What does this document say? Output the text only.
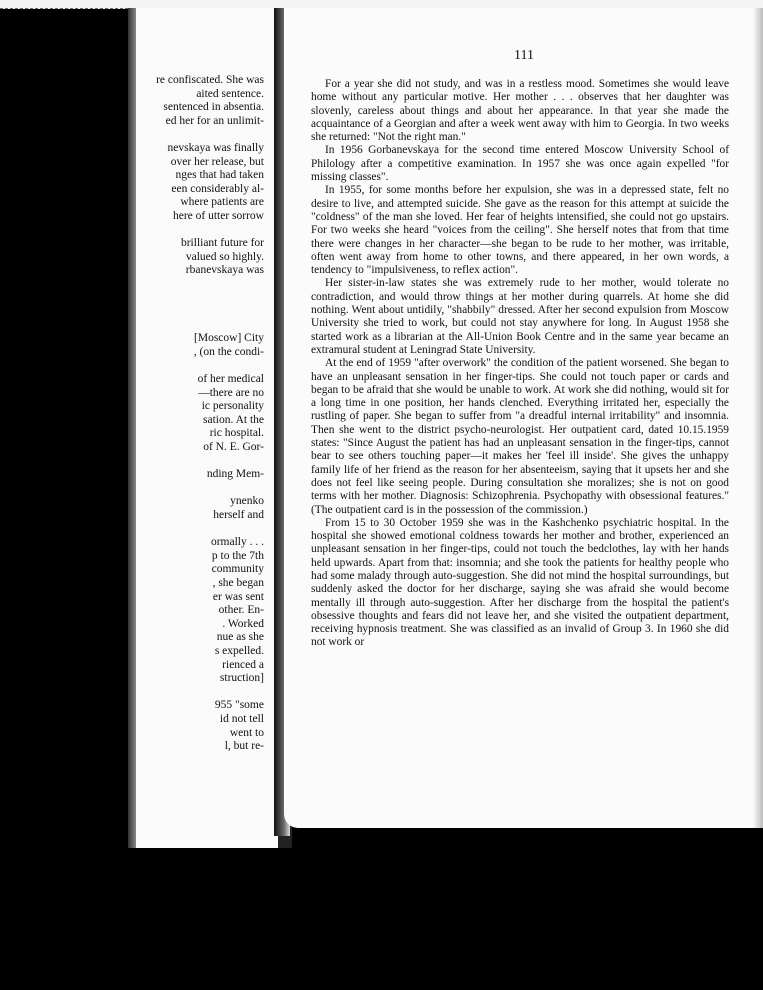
re confiscated. She was
aited sentence.
sentenced in absentia.
ed her for an unlimit-
nevskaya was finally
over her release, but
nges that had taken
een considerably al-
where patients are
here of utter sorrow
brilliant future for
valued so highly.
rbanevskaya was
[Moscow] City
, (on the condi-
of her medical
—there are no
ic personality
sation. At the
ric hospital.
of N. E. Gor-
nding Mem-
ynenko
herself and
ormally . . .
p to the 7th
community
, she began
er was sent
other. En-
. Worked
nue as she
s expelled.
rienced a
struction]
955 "some
id not tell
went to
l, but re-
111

For a year she did not study, and was in a restless mood. Sometimes she would leave home without any particular motive. Her mother . . . observes that her daughter was slovenly, careless about things and about her appearance. In that year she made the acquaintance of a Georgian and after a week went away with him to Georgia. In two weeks she returned: "Not the right man."

In 1956 Gorbanevskaya for the second time entered Moscow University School of Philology after a competitive examination. In 1957 she was once again expelled "for missing classes".

In 1955, for some months before her expulsion, she was in a depressed state, felt no desire to live, and attempted suicide. She gave as the reason for this attempt at suicide the "coldness" of the man she loved. Her fear of heights intensified, she could not go upstairs. For two weeks she heard "voices from the ceiling". She herself notes that from that time there were changes in her character—she began to be rude to her mother, was irritable, often went away from home to other towns, and there appeared, in her own words, a tendency to "impulsiveness, to reflex action".

Her sister-in-law states she was extremely rude to her mother, would tolerate no contradiction, and would throw things at her mother during quarrels. At home she did nothing. Went about untidily, "shabbily" dressed. After her second expulsion from Moscow University she tried to work, but could not stay anywhere for long. In August 1958 she started work as a librarian at the All-Union Book Centre and in the same year became an extramural student at Leningrad State University.

At the end of 1959 "after overwork" the condition of the patient worsened. She began to have an unpleasant sensation in her finger-tips. She could not touch paper or cards and began to be afraid that she would be unable to work. At work she did nothing, would sit for a long time in one position, her hands clenched. Everything irritated her, especially the rustling of paper. She began to suffer from "a dreadful internal irritability" and insomnia. Then she went to the district psycho-neurologist. Her outpatient card, dated 10.15.1959 states: "Since August the patient has had an unpleasant sensation in the finger-tips, cannot bear to see others touching paper—it makes her 'feel ill inside'. She gives the unhappy family life of her friend as the reason for her absenteeism, saying that it upsets her and she does not feel like seeing people. During consultation she moralizes; she is not on good terms with her mother. Diagnosis: Schizophrenia. Psychopathy with obsessional features." (The outpatient card is in the possession of the commission.)

From 15 to 30 October 1959 she was in the Kashchenko psychiatric hospital. In the hospital she showed emotional coldness towards her mother and brother, experienced an unpleasant sensation in her finger-tips, could not touch the bedclothes, lay with her hands held upwards. Apart from that: insomnia; and she took the patients for healthy people who had some malady through auto-suggestion. She did not mind the hospital surroundings, but suddenly asked the doctor for her discharge, saying she was afraid she would become mentally ill through auto-suggestion. After her discharge from the hospital the patient's obsessive thoughts and fears did not leave her, and she visited the outpatient department, receiving hypnosis treatment. She was classified as an invalid of Group 3. In 1960 she did not work or
